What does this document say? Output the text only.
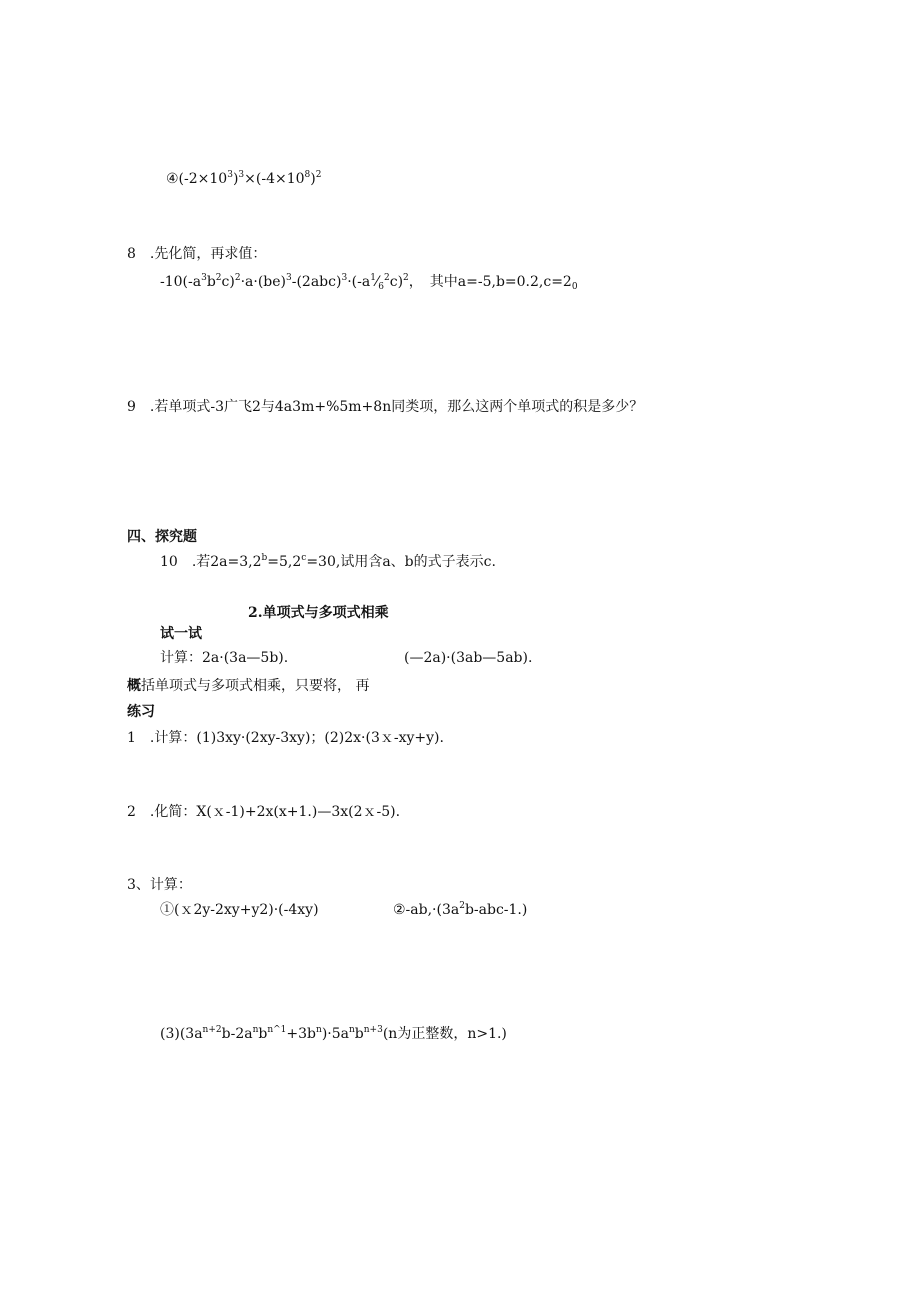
$④(-2\times 10^3)^3\times(-4\times 10^8)^2$
8　.先化简，再求值：
$-10(-a^3b^2c)^2\cdot a\cdot(be)^3-(2abc)^3\cdot(-a^1⁄_6^2c)^2$，　其中$a=-5,b=0.2,c=2_0$
9　.若单项式-3广飞2与4a3m+%5m+8n同类项，那么这两个单项式的积是多少？
四、探究题
10　.若2a=3,2$^b$=5,2$^c$=30,试用含a、b的式子表示c.
2.单项式与多项式相乘
试一试
计算：2a·(3a—5b).	(—2a)·(3ab—5ab).
概括单项式与多项式相乘，只要将， 再
练习
1　.计算：(1)3xy·(2xy-3xy)；(2)2x·(3ｘ-xy+y).
2　.化简：X(ｘ-1)+2x(x+1.)—3x(2ｘ-5).
3、计算：
①(ｘ2y-2xy+y2)·(-4xy)	$②-ab,\cdot(3a^2b-abc-1.)$
$(3)(3a^{n+2}b-2a^nb^{n\^{}1}+3b^n)\cdot 5a^nb^{n+3}(n$为正整数，n>1.)
